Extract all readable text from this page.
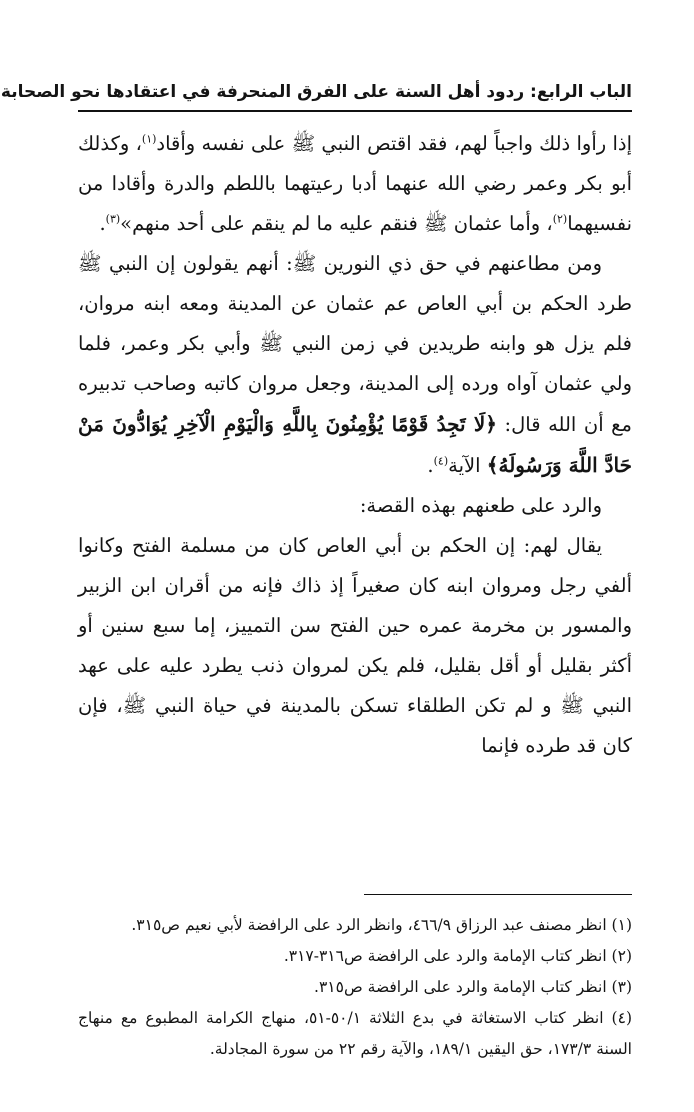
الباب الرابع: ردود أهل السنة على الفرق المنحرفة في اعتقادها نحو الصحابة

إذا رأوا ذلك واجباً لهم، فقد اقتص النبي ﷺ على نفسه وأقاد$^{(١)}$، وكذلك أبو بكر وعمر رضي الله عنهما أدبا رعيتهما باللطم والدرة وأقادا من نفسيهما$^{(٢)}$، وأما عثمان ﷺ فنقم عليه ما لم ينقم على أحد منهم»$^{(٣)}$.

ومن مطاعنهم في حق ذي النورين ﷺ: أنهم يقولون إن النبي ﷺ طرد الحكم بن أبي العاص عم عثمان عن المدينة ومعه ابنه مروان، فلم يزل هو وابنه طريدين في زمن النبي ﷺ وأبي بكر وعمر، فلما ولي عثمان آواه ورده إلى المدينة، وجعل مروان كاتبه وصاحب تدبيره مع أن الله قال: ﴿لَا تَجِدُ قَوْمًا يُؤْمِنُونَ بِاللَّهِ وَالْيَوْمِ الْآخِرِ يُوَادُّونَ مَنْ حَادَّ اللَّهَ وَرَسُولَهُ﴾ الآية$^{(٤)}$.

والرد على طعنهم بهذه القصة:

يقال لهم: إن الحكم بن أبي العاص كان من مسلمة الفتح وكانوا ألفي رجل ومروان ابنه كان صغيراً إذ ذاك فإنه من أقران ابن الزبير والمسور بن مخرمة عمره حين الفتح سن التمييز، إما سبع سنين أو أكثر بقليل أو أقل بقليل، فلم يكن لمروان ذنب يطرد عليه على عهد النبي ﷺ و لم تكن الطلقاء تسكن بالمدينة في حياة النبي ﷺ، فإن كان قد طرده فإنما

(١) انظر مصنف عبد الرزاق ٤٦٦/٩، وانظر الرد على الرافضة لأبي نعيم ص٣١٥.

(٢) انظر كتاب الإمامة والرد على الرافضة ص٣١٦-٣١٧.

(٣) انظر كتاب الإمامة والرد على الرافضة ص٣١٥.

(٤) انظر كتاب الاستغاثة في بدع الثلاثة ٥٠/١-٥١، منهاج الكرامة المطبوع مع منهاج السنة ١٧٣/٣، حق اليقين ١٨٩/١، والآية رقم ٢٢ من سورة المجادلة.
